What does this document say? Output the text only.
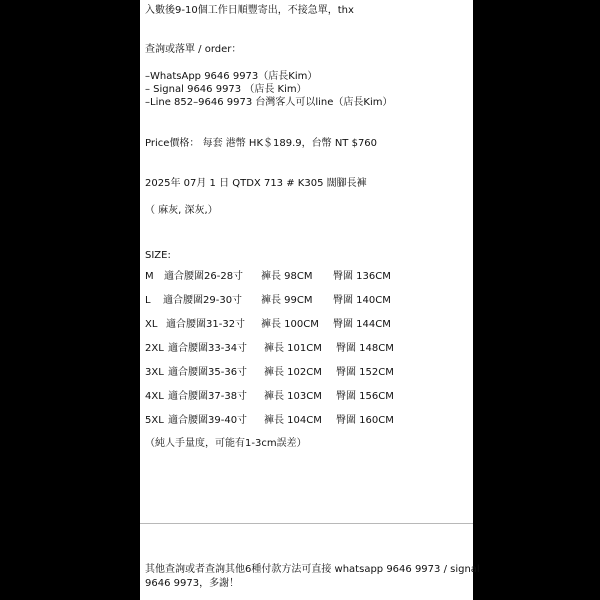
入數後9-10個工作日順豐寄出，不接急單，thx
查詢或落單 / order：
–WhatsApp 9646 9973（店長Kim）
– Signal 9646 9973 （店長 Kim）
–Line 852–9646 9973 台灣客人可以line（店長Kim）
Price價格： 每套 港幣 HK＄189.9，台幣 NT $760
2025年 07月 1 日 QTDX 713 # K305 闊腳長褲
（ 麻灰, 深灰,）
SIZE:
M 適合腰圍26-28寸 褲長 98CM 臀圍 136CM
L 適合腰圍29-30寸 褲長 99CM 臀圍 140CM
XL 適合腰圍31-32寸 褲長 100CM 臀圍 144CM
2XL 適合腰圍33-34寸 褲長 101CM 臀圍 148CM
3XL 適合腰圍35-36寸 褲長 102CM 臀圍 152CM
4XL 適合腰圍37-38寸 褲長 103CM 臀圍 156CM
5XL 適合腰圍39-40寸 褲長 104CM 臀圍 160CM
（純人手量度，可能有1-3cm誤差）
其他查詢或者查詢其他6種付款方法可直接 whatsapp 9646 9973 / signal
9646 9973，多謝！
